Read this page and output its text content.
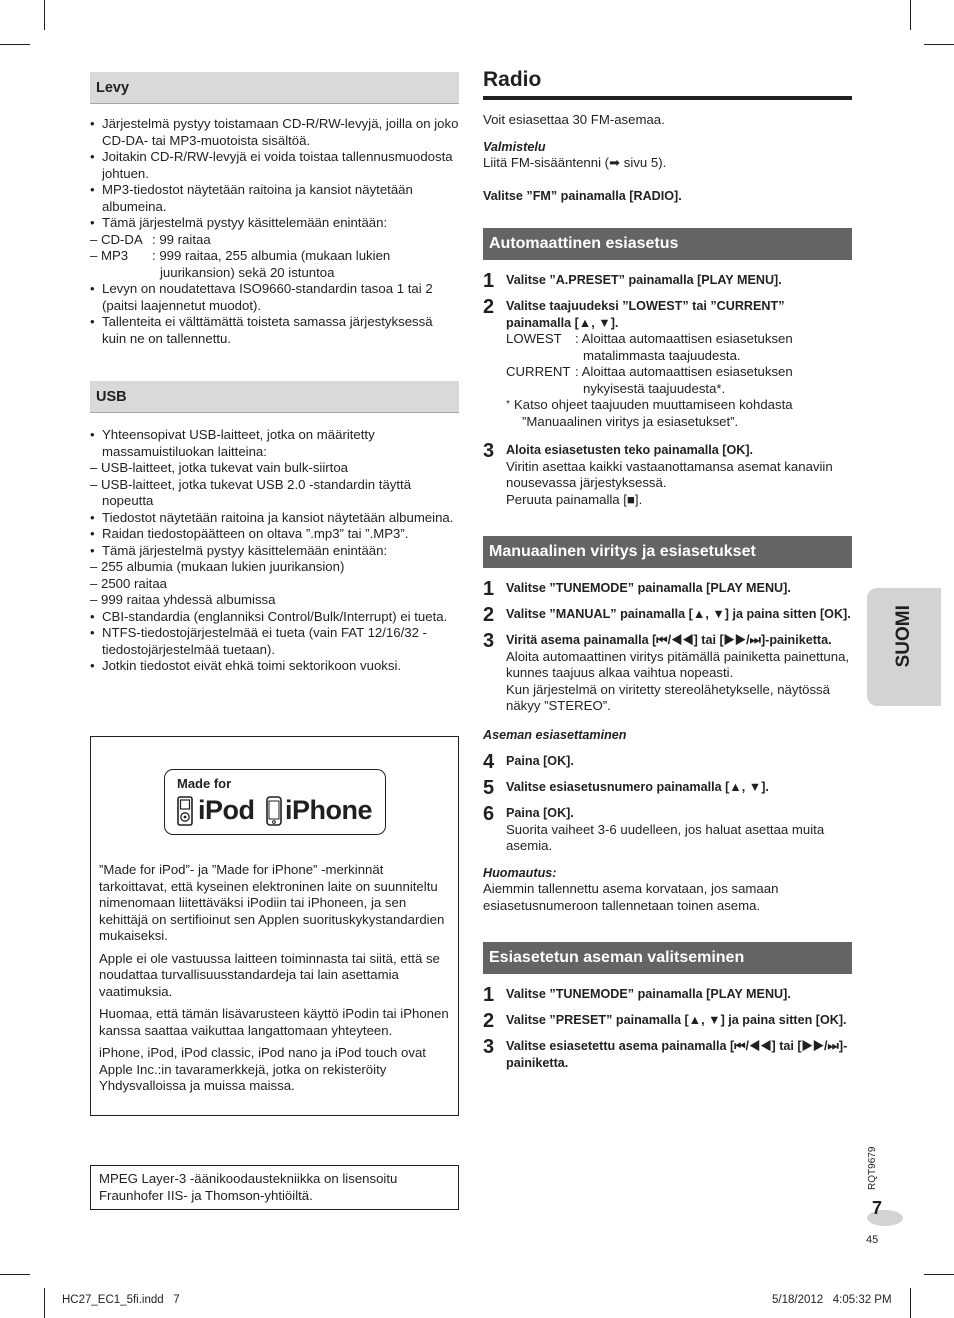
Levy
• Järjestelmä pystyy toistamaan CD-R/RW-levyjä, joilla on joko CD-DA- tai MP3-muotoista sisältöä.
• Joitakin CD-R/RW-levyjä ei voida toistaa tallennusmuodosta johtuen.
• MP3-tiedostot näytetään raitoina ja kansiot näytetään albumeina.
• Tämä järjestelmä pystyy käsittelemään enintään:
– CD-DA : 99 raitaa
– MP3	: 999 raitaa, 255 albumia (mukaan lukien juurikansion) sekä 20 istuntoa
• Levyn on noudatettava ISO9660-standardin tasoa 1 tai 2 (paitsi laajennetut muodot).
• Tallenteita ei välttämättä toisteta samassa järjestyksessä kuin ne on tallennettu.
USB
• Yhteensopivat USB-laitteet, jotka on määritetty massamuistiluokan laitteina:
– USB-laitteet, jotka tukevat vain bulk-siirtoa
– USB-laitteet, jotka tukevat USB 2.0 -standardin täyttä nopeutta
• Tiedostot näytetään raitoina ja kansiot näytetään albumeina.
• Raidan tiedostopäätteen on oltava ”.mp3” tai ”.MP3”.
• Tämä järjestelmä pystyy käsittelemään enintään:
– 255 albumia (mukaan lukien juurikansion)
– 2500 raitaa
– 999 raitaa yhdessä albumissa
• CBI-standardia (englanniksi Control/Bulk/Interrupt) ei tueta.
• NTFS-tiedostojärjestelmää ei tueta (vain FAT 12/16/32 -tiedostojärjestelmää tuetaan).
• Jotkin tiedostot eivät ehkä toimi sektorikoon vuoksi.
Made for
iPod iPhone

”Made for iPod”- ja ”Made for iPhone” -merkinnät tarkoittavat, että kyseinen elektroninen laite on suunniteltu nimenomaan liitettäväksi iPodiin tai iPhoneen, ja sen kehittäjä on sertifioinut sen Applen suorituskykystandardien mukaiseksi.

Apple ei ole vastuussa laitteen toiminnasta tai siitä, että se noudattaa turvallisuusstandardeja tai lain asettamia vaatimuksia.

Huomaa, että tämän lisävarusteen käyttö iPodin tai iPhonen kanssa saattaa vaikuttaa langattomaan yhteyteen.

iPhone, iPod, iPod classic, iPod nano ja iPod touch ovat Apple Inc.:in tavaramerkkejä, jotka on rekisteröity Yhdysvalloissa ja muissa maissa.

MPEG Layer-3 -äänikoodaustekniikka on lisensoitu Fraunhofer IIS- ja Thomson-yhtiöiltä.
Radio
Voit esiasettaa 30 FM-asemaa.
Valmistelu
Liitä FM-sisääntenni (➡ sivu 5).
Valitse ”FM” painamalla [RADIO].
Automaattinen esiasetus
1 Valitse ”A.PRESET” painamalla [PLAY MENU].
2 Valitse taajuudeksi ”LOWEST” tai ”CURRENT” painamalla [▲, ▼].
LOWEST	: Aloittaa automaattisen esiasetuksen matalimmasta taajuudesta.
CURRENT : Aloittaa automaattisen esiasetuksen nykyisestä taajuudesta*.
* Katso ohjeet taajuuden muuttamiseen kohdasta ”Manuaalinen viritys ja esiasetukset”.
3 Aloita esiasetusten teko painamalla [OK].
Viritin asettaa kaikki vastaanottamansa asemat kanaviin nousevassa järjestyksessä.
Peruuta painamalla [■].
Manuaalinen viritys ja esiasetukset
1 Valitse ”TUNEMODE” painamalla [PLAY MENU].
2 Valitse ”MANUAL” painamalla [▲, ▼] ja paina sitten [OK].
3 Viritä asema painamalla [⏮/◀◀] tai [▶▶/⏭]-painiketta.
Aloita automaattinen viritys pitämällä painiketta painettuna, kunnes taajuus alkaa vaihtua nopeasti.
Kun järjestelmä on viritetty stereolähetykselle, näytössä näkyy ”STEREO”.
Aseman esiasettaminen
4 Paina [OK].
5 Valitse esiasetusnumero painamalla [▲, ▼].
6 Paina [OK].
Suorita vaiheet 3-6 uudelleen, jos haluat asettaa muita asemia.
Huomautus:
Aiemmin tallennettu asema korvataan, jos samaan esiasetusnumeroon tallennetaan toinen asema.
Esiasetetun aseman valitseminen
1 Valitse ”TUNEMODE” painamalla [PLAY MENU].
2 Valitse ”PRESET” painamalla [▲, ▼] ja paina sitten [OK].
3 Valitse esiasetettu asema painamalla [⏮/◀◀] tai [▶▶/⏭]-painiketta.
SUOMI
RQT9679
7
45
HC27_EC1_5fi.indd   7	5/18/2012   4:05:32 PM
